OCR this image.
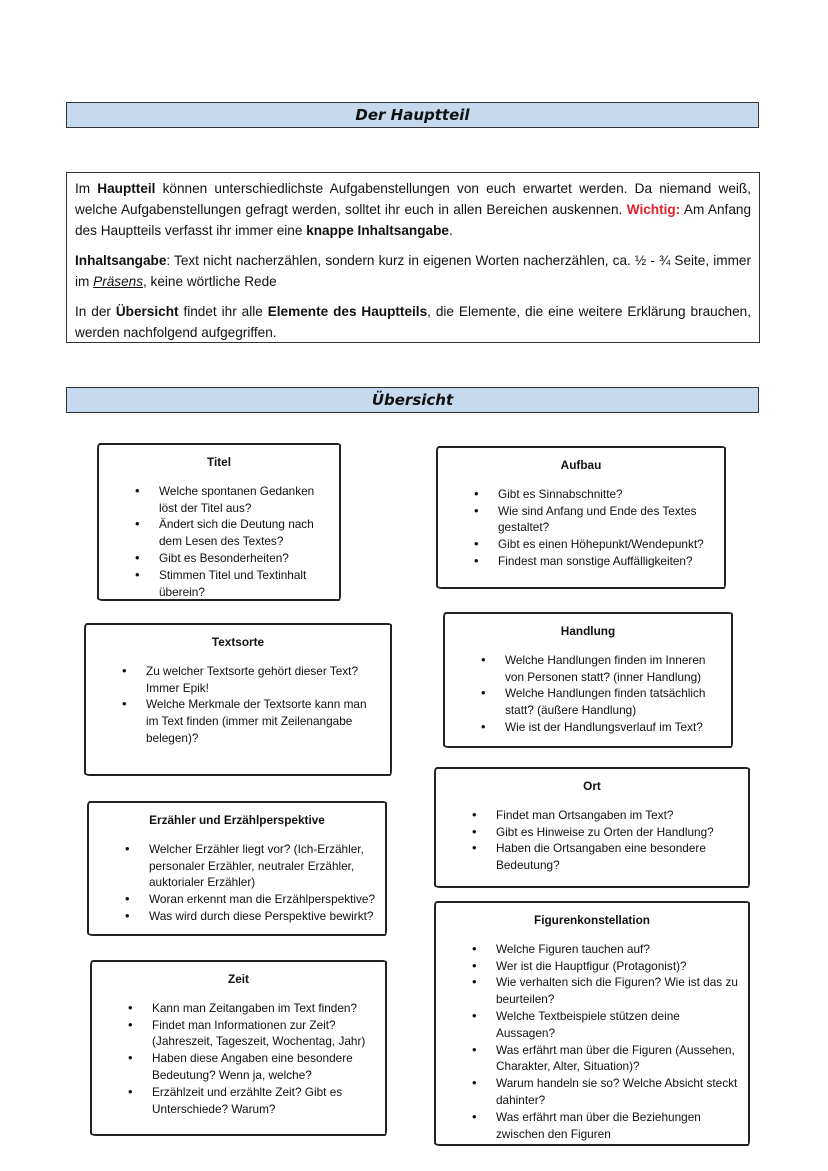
Der Hauptteil

Im Hauptteil können unterschiedlichste Aufgabenstellungen von euch erwartet werden. Da niemand weiß, welche Aufgabenstellungen gefragt werden, solltet ihr euch in allen Bereichen auskennen. Wichtig: Am Anfang des Hauptteils verfasst ihr immer eine knappe Inhaltsangabe.

Inhaltsangabe: Text nicht nacherzählen, sondern kurz in eigenen Worten nacherzählen, ca. ½ - ¾ Seite, immer im Präsens, keine wörtliche Rede

In der Übersicht findet ihr alle Elemente des Hauptteils, die Elemente, die eine weitere Erklärung brauchen, werden nachfolgend aufgegriffen.

Übersicht
Titel
• Welche spontanen Gedanken löst der Titel aus?
• Ändert sich die Deutung nach dem Lesen des Textes?
• Gibt es Besonderheiten?
• Stimmen Titel und Textinhalt überein?
Aufbau
• Gibt es Sinnabschnitte?
• Wie sind Anfang und Ende des Textes gestaltet?
• Gibt es einen Höhepunkt/Wendepunkt?
• Findest man sonstige Auffälligkeiten?
Textsorte
• Zu welcher Textsorte gehört dieser Text? Immer Epik!
• Welche Merkmale der Textsorte kann man im Text finden (immer mit Zeilenangabe belegen)?
Handlung
• Welche Handlungen finden im Inneren von Personen statt? (inner Handlung)
• Welche Handlungen finden tatsächlich statt? (äußere Handlung)
• Wie ist der Handlungsverlauf im Text?
Ort
• Findet man Ortsangaben im Text?
• Gibt es Hinweise zu Orten der Handlung?
• Haben die Ortsangaben eine besondere Bedeutung?
Erzähler und Erzählperspektive
• Welcher Erzähler liegt vor? (Ich-Erzähler, personaler Erzähler, neutraler Erzähler, auktorialer Erzähler)
• Woran erkennt man die Erzählperspektive?
• Was wird durch diese Perspektive bewirkt?	Figurenkonstellation
• Welche Figuren tauchen auf?
• Wer ist die Hauptfigur (Protagonist)?
• Wie verhalten sich die Figuren? Wie ist das zu beurteilen?
• Welche Textbeispiele stützen deine Aussagen?
• Was erfährt man über die Figuren (Aussehen, Charakter, Alter, Situation)?
• Warum handeln sie so? Welche Absicht steckt dahinter?
• Was erfährt man über die Beziehungen zwischen den Figuren
Zeit
• Kann man Zeitangaben im Text finden?
• Findet man Informationen zur Zeit?(Jahreszeit, Tageszeit, Wochentag, Jahr)
• Haben diese Angaben eine besondere Bedeutung? Wenn ja, welche?
• Erzählzeit und erzählte Zeit? Gibt es Unterschiede? Warum?
